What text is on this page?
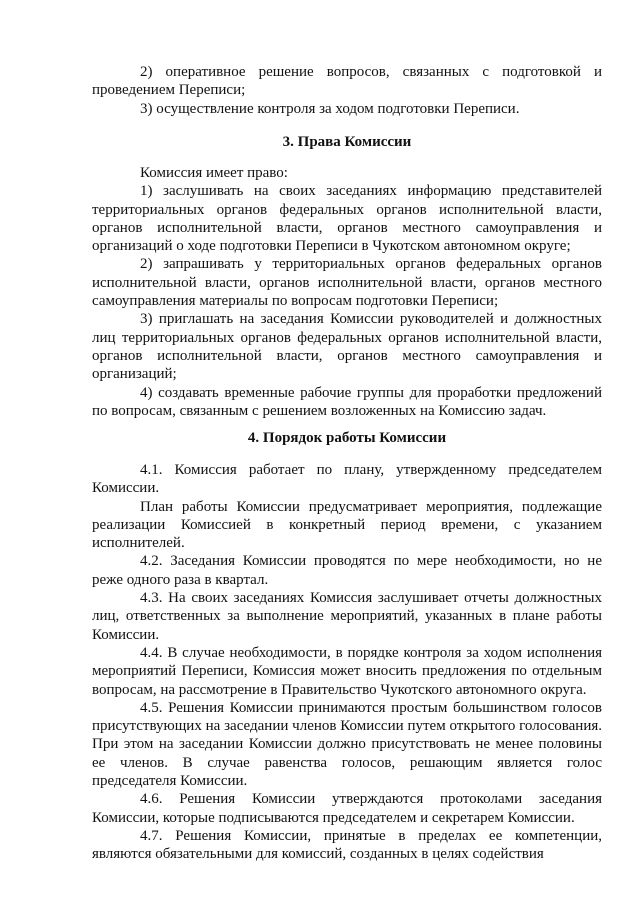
2) оперативное решение вопросов, связанных с подготовкой и проведением Переписи;

3) осуществление контроля за ходом подготовки Переписи.

3. Права Комиссии

Комиссия имеет право:

1) заслушивать на своих заседаниях информацию представителей территориальных органов федеральных органов исполнительной власти, органов исполнительной власти, органов местного самоуправления и организаций о ходе подготовки Переписи в Чукотском автономном округе;

2) запрашивать у территориальных органов федеральных органов исполнительной власти, органов исполнительной власти, органов местного самоуправления материалы по вопросам подготовки Переписи;

3) приглашать на заседания Комиссии руководителей и должностных лиц территориальных органов федеральных органов исполнительной власти, органов исполнительной власти, органов местного самоуправления и организаций;

4) создавать временные рабочие группы для проработки предложений по вопросам, связанным с решением возложенных на Комиссию задач.

4. Порядок работы Комиссии

4.1. Комиссия работает по плану, утвержденному председателем Комиссии.

План работы Комиссии предусматривает мероприятия, подлежащие реализации Комиссией в конкретный период времени, с указанием исполнителей.

4.2. Заседания Комиссии проводятся по мере необходимости, но не реже одного раза в квартал.

4.3. На своих заседаниях Комиссия заслушивает отчеты должностных лиц, ответственных за выполнение мероприятий, указанных в плане работы Комиссии.

4.4. В случае необходимости, в порядке контроля за ходом исполнения мероприятий Переписи, Комиссия может вносить предложения по отдельным вопросам, на рассмотрение в Правительство Чукотского автономного округа.

4.5. Решения Комиссии принимаются простым большинством голосов присутствующих на заседании членов Комиссии путем открытого голосования. При этом на заседании Комиссии должно присутствовать не менее половины ее членов. В случае равенства голосов, решающим является голос председателя Комиссии.

4.6. Решения Комиссии утверждаются протоколами заседания Комиссии, которые подписываются председателем и секретарем Комиссии.

4.7. Решения Комиссии, принятые в пределах ее компетенции, являются обязательными для комиссий, созданных в целях содействия
